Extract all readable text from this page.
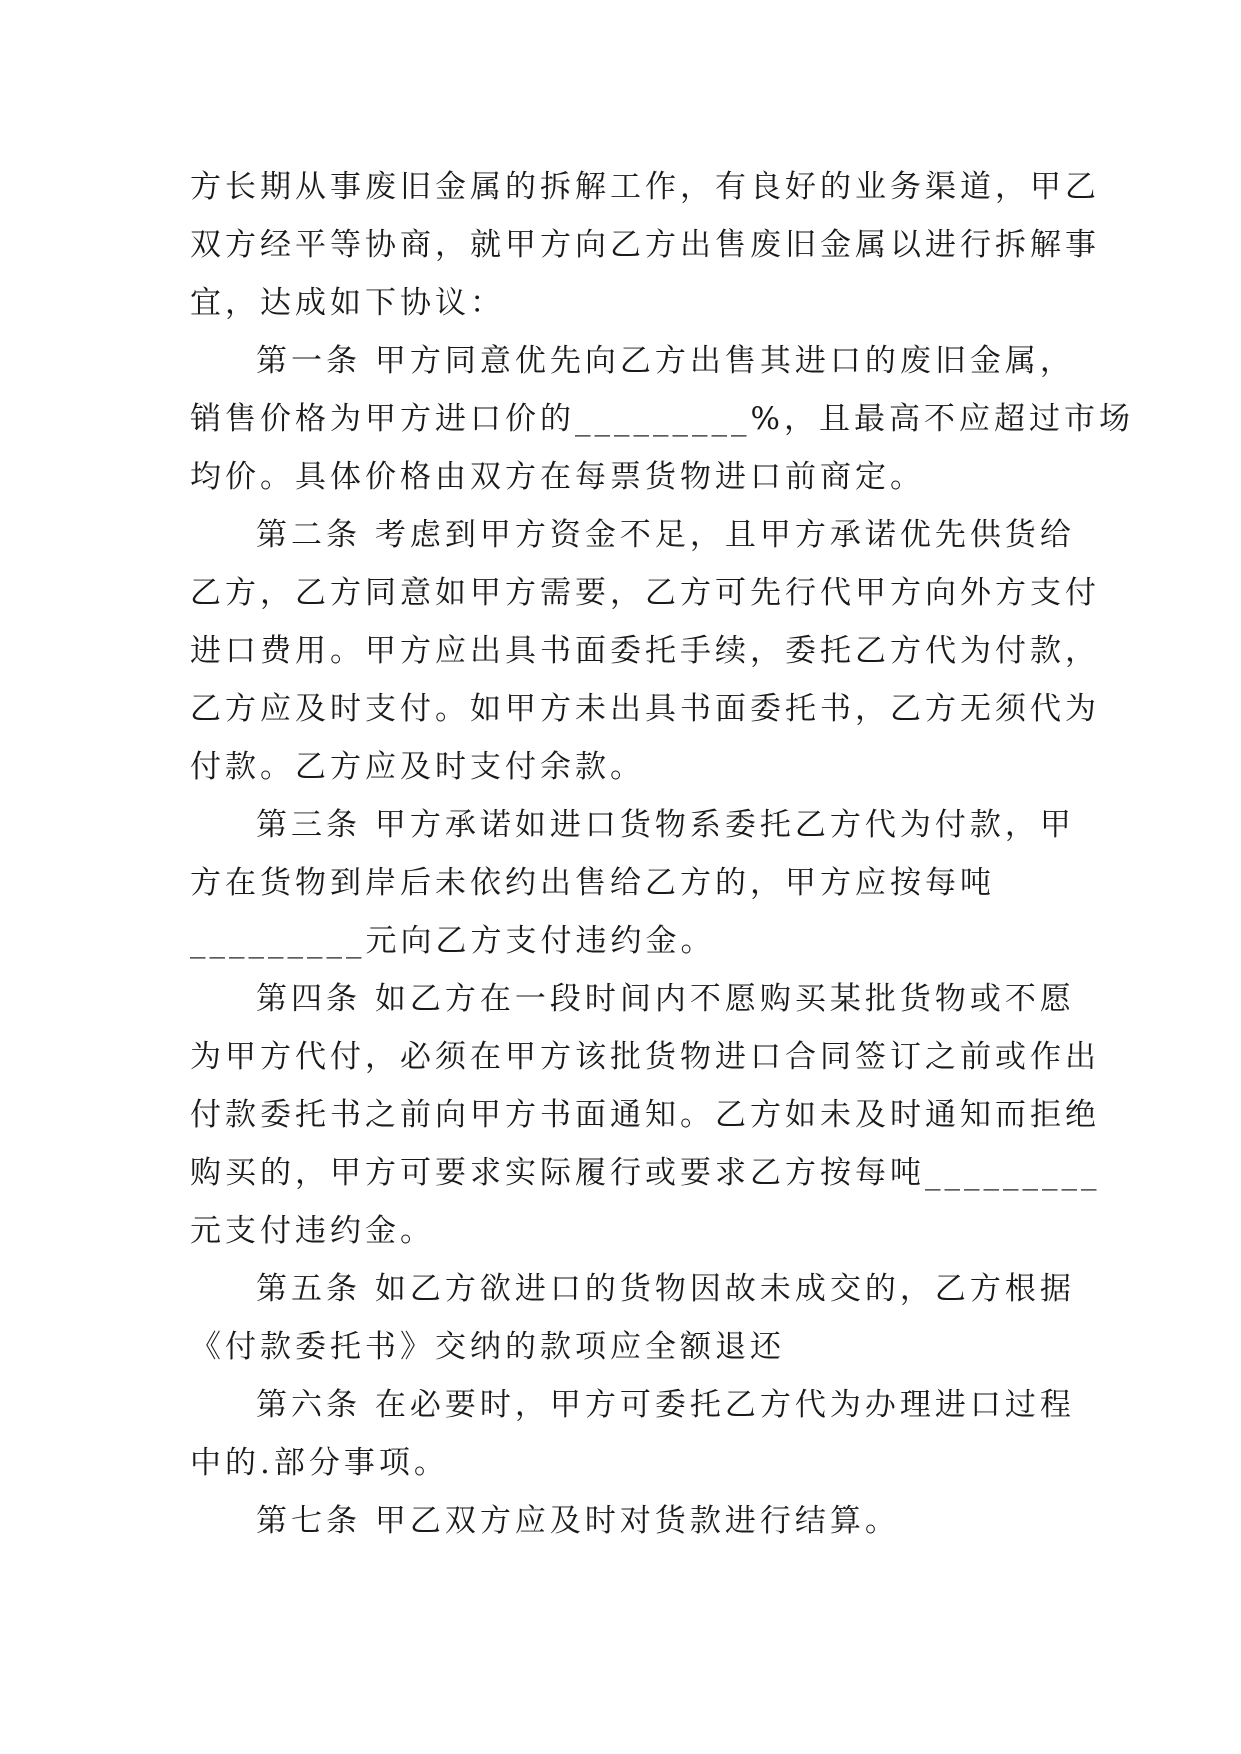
方长期从事废旧金属的拆解工作，有良好的业务渠道，甲乙
双方经平等协商，就甲方向乙方出售废旧金属以进行拆解事
宜，达成如下协议：
第一条 甲方同意优先向乙方出售其进口的废旧金属，
销售价格为甲方进口价的_________%，且最高不应超过市场
均价。具体价格由双方在每票货物进口前商定。
第二条 考虑到甲方资金不足，且甲方承诺优先供货给
乙方，乙方同意如甲方需要，乙方可先行代甲方向外方支付
进口费用。甲方应出具书面委托手续，委托乙方代为付款，
乙方应及时支付。如甲方未出具书面委托书，乙方无须代为
付款。乙方应及时支付余款。
第三条 甲方承诺如进口货物系委托乙方代为付款，甲
方在货物到岸后未依约出售给乙方的，甲方应按每吨
_________元向乙方支付违约金。
第四条 如乙方在一段时间内不愿购买某批货物或不愿
为甲方代付，必须在甲方该批货物进口合同签订之前或作出
付款委托书之前向甲方书面通知。乙方如未及时通知而拒绝
购买的，甲方可要求实际履行或要求乙方按每吨_________
元支付违约金。
第五条 如乙方欲进口的货物因故未成交的，乙方根据
《付款委托书》交纳的款项应全额退还
第六条 在必要时，甲方可委托乙方代为办理进口过程
中的.部分事项。
第七条 甲乙双方应及时对货款进行结算。
